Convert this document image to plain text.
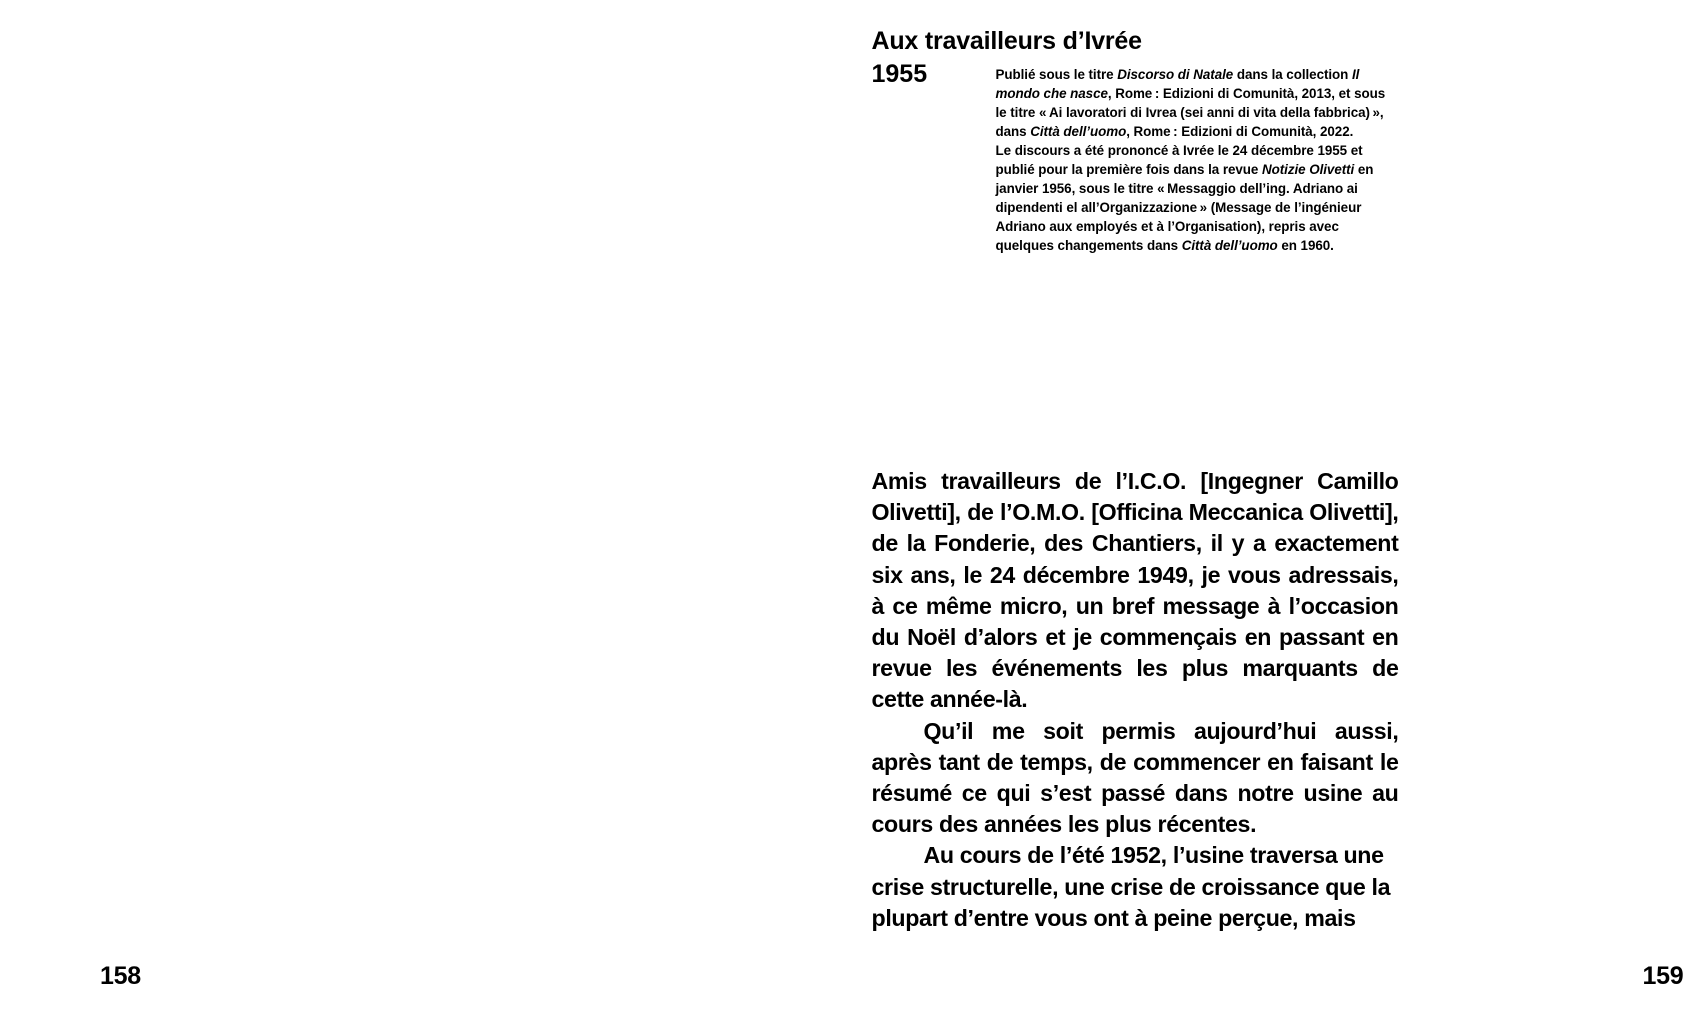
158
Aux travailleurs d’Ivrée
1955	Publié sous le titre Discorso di Natale dans la collection Il mondo che nasce, Rome : Edizioni di Comunità, 2013, et sous le titre « Ai lavoratori di Ivrea (sei anni di vita della fabbrica) », dans Città dell’uomo, Rome : Edizioni di Comunità, 2022.

Le discours a été prononcé à Ivrée le 24 décembre 1955 et publié pour la première fois dans la revue Notizie Olivetti en janvier 1956, sous le titre « Messaggio dell’ing. Adriano ai dipendenti el all’Organizzazione » (Message de l’ingénieur Adriano aux employés et à l’Organisation), repris avec quelques changements dans Città dell’uomo en 1960.

Amis travailleurs de l’I.C.O. [Ingegner Camillo Olivetti], de l’O.M.O. [Officina Meccanica Olivetti], de la Fonderie, des Chantiers, il y a exactement six ans, le 24 décembre 1949, je vous adressais, à ce même micro, un bref message à l’occasion du Noël d’alors et je commençais en passant en revue les événements les plus marquants de cette année-là.

Qu’il me soit permis aujourd’hui aussi, après tant de temps, de commencer en faisant le résumé ce qui s’est passé dans notre usine au cours des années les plus récentes.

Au cours de l’été 1952, l’usine traversa une crise structurelle, une crise de croissance que la plupart d’entre vous ont à peine perçue, mais

159
